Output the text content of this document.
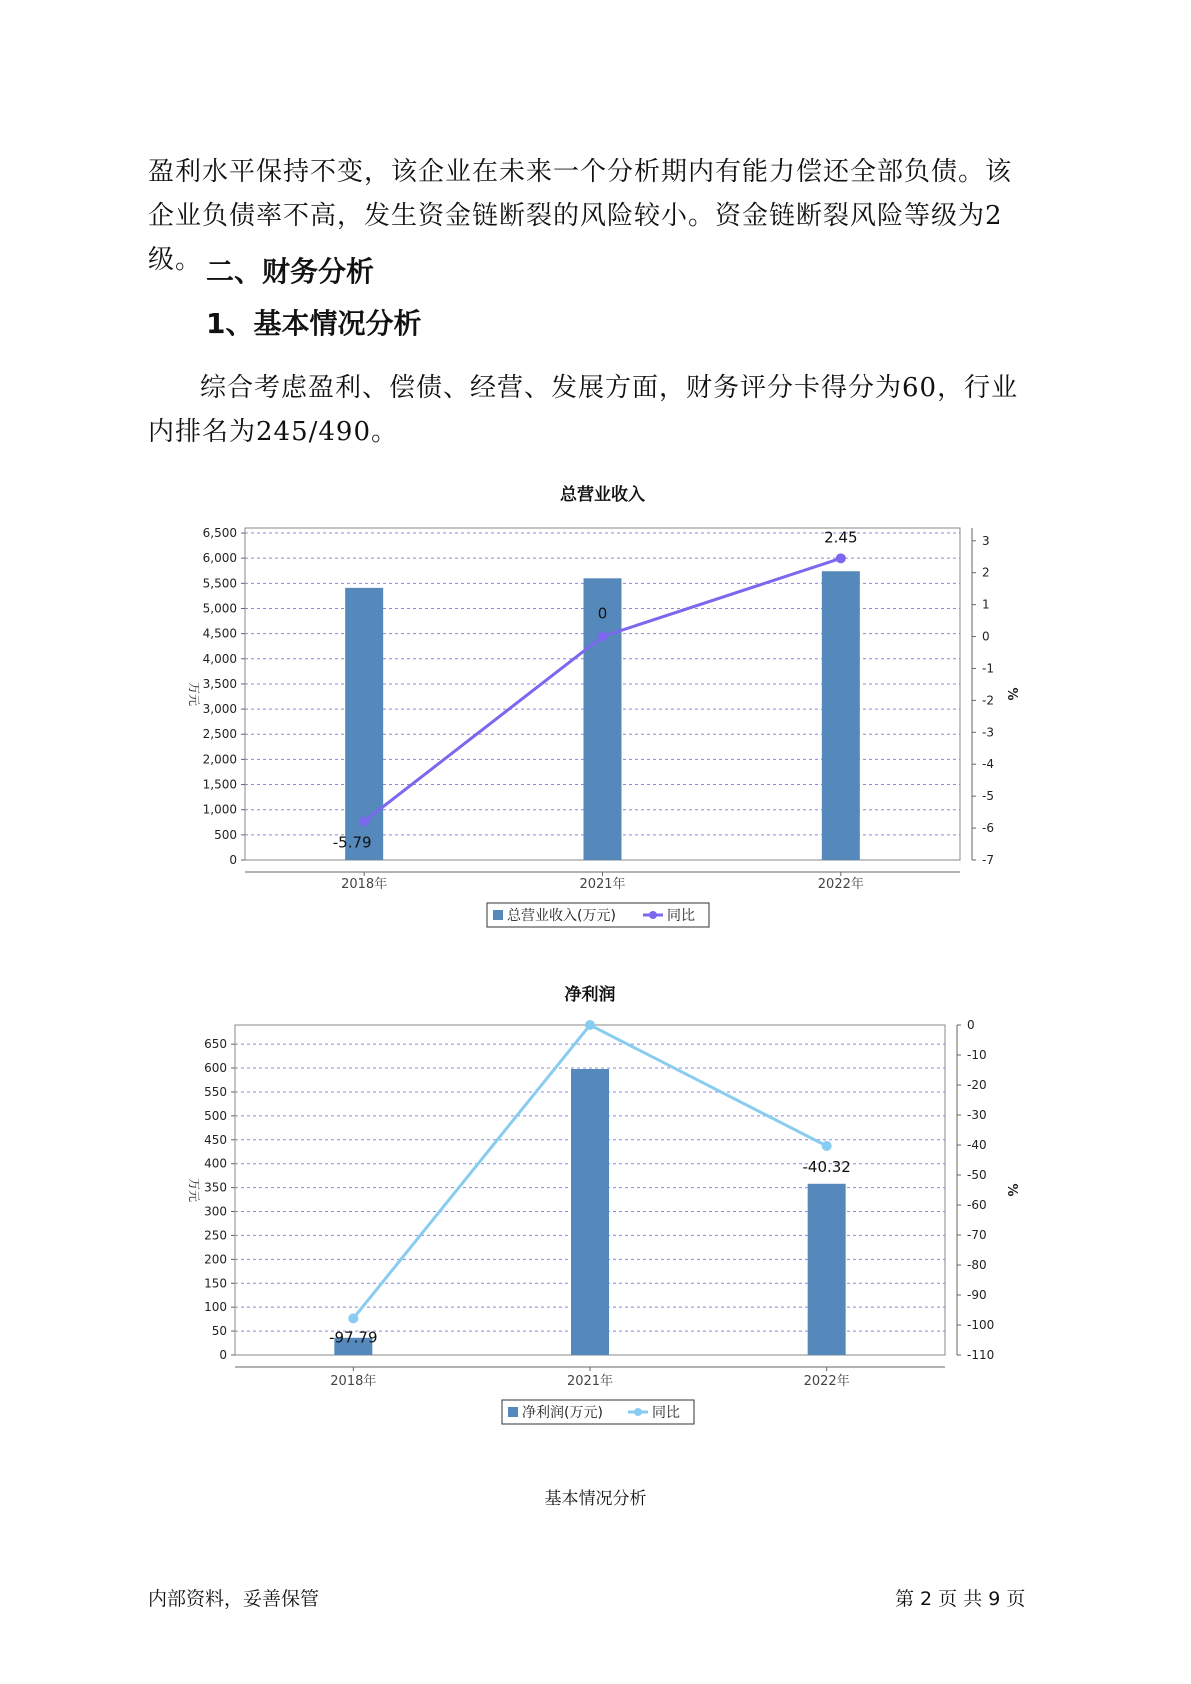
盈利水平保持不变，该企业在未来一个分析期内有能力偿还全部负债。该
企业负债率不高，发生资金链断裂的风险较小。资金链断裂风险等级为2级。 二、财务分析
1、基本情况分析
综合考虑盈利、偿债、经营、发展方面，财务评分卡得分为60，行业
内排名为245/490。
总营业收入
0
500
1,000
1,500
2,000
2,500
3,000
3,500
4,000
4,500
5,000
5,500
6,000
6,500
-7
-6
-5
-4
-3
-2
-1
0
1
2
3
万元	%
2018年	2021年	2022年
-5.79
0
2.45
总营业收入(万元)	同比
净利润
0
50
100
150
200
250
300
350
400
450
500
550
600
650
-110
-100
-90
-80
-70
-60
-50
-40
-30
-20
-10
0
万元	%
2018年	2021年	2022年
-97.79
-40.32
净利润(万元)	同比
基本情况分析
内部资料，妥善保管	第 2 页 共 9 页
